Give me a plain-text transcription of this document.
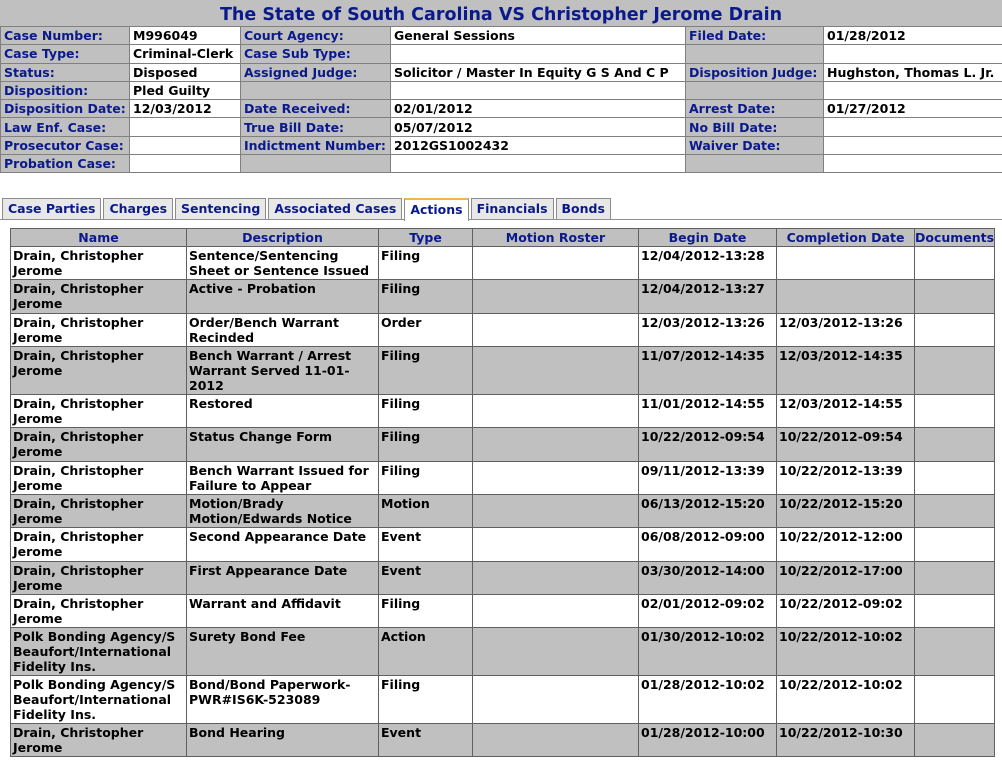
The State of South Carolina VS Christopher Jerome Drain
Case Number:	M996049	Court Agency:	General Sessions	Filed Date:	01/28/2012
Case Type:	Criminal-Clerk	Case Sub Type:			
Status:	Disposed	Assigned Judge:	Solicitor / Master In Equity G S And C P	Disposition Judge:	Hughston, Thomas L. Jr.
Disposition:	Pled Guilty				
Disposition Date:	12/03/2012	Date Received:	02/01/2012	Arrest Date:	01/27/2012
Law Enf. Case:		True Bill Date:	05/07/2012	No Bill Date:	
Prosecutor Case:		Indictment Number:	2012GS1002432	Waiver Date:	
Probation Case:					
Case Parties	Charges	Sentencing	Associated Cases	Actions	Financials	Bonds
Name	Description	Type	Motion Roster	Begin Date	Completion Date	Documents
Drain, Christopher Jerome	Sentence/Sentencing Sheet or Sentence Issued	Filing		12/04/2012-13:28		
Drain, Christopher Jerome	Active - Probation	Filing		12/04/2012-13:27		
Drain, Christopher Jerome	Order/Bench Warrant Recinded	Order		12/03/2012-13:26	12/03/2012-13:26	
Drain, Christopher Jerome	Bench Warrant / Arrest Warrant Served 11-01-2012	Filing		11/07/2012-14:35	12/03/2012-14:35	
Drain, Christopher Jerome	Restored	Filing		11/01/2012-14:55	12/03/2012-14:55	
Drain, Christopher Jerome	Status Change Form	Filing		10/22/2012-09:54	10/22/2012-09:54	
Drain, Christopher Jerome	Bench Warrant Issued for Failure to Appear	Filing		09/11/2012-13:39	10/22/2012-13:39	
Drain, Christopher Jerome	Motion/Brady Motion/Edwards Notice	Motion		06/13/2012-15:20	10/22/2012-15:20	
Drain, Christopher Jerome	Second Appearance Date	Event		06/08/2012-09:00	10/22/2012-12:00	
Drain, Christopher Jerome	First Appearance Date	Event		03/30/2012-14:00	10/22/2012-17:00	
Drain, Christopher Jerome	Warrant and Affidavit	Filing		02/01/2012-09:02	10/22/2012-09:02	
Polk Bonding Agency/S Beaufort/International Fidelity Ins.	Surety Bond Fee	Action		01/30/2012-10:02	10/22/2012-10:02	
Polk Bonding Agency/S Beaufort/International Fidelity Ins.	Bond/Bond Paperwork-PWR#IS6K-523089	Filing		01/28/2012-10:02	10/22/2012-10:02	
Drain, Christopher Jerome	Bond Hearing	Event		01/28/2012-10:00	10/22/2012-10:30	
